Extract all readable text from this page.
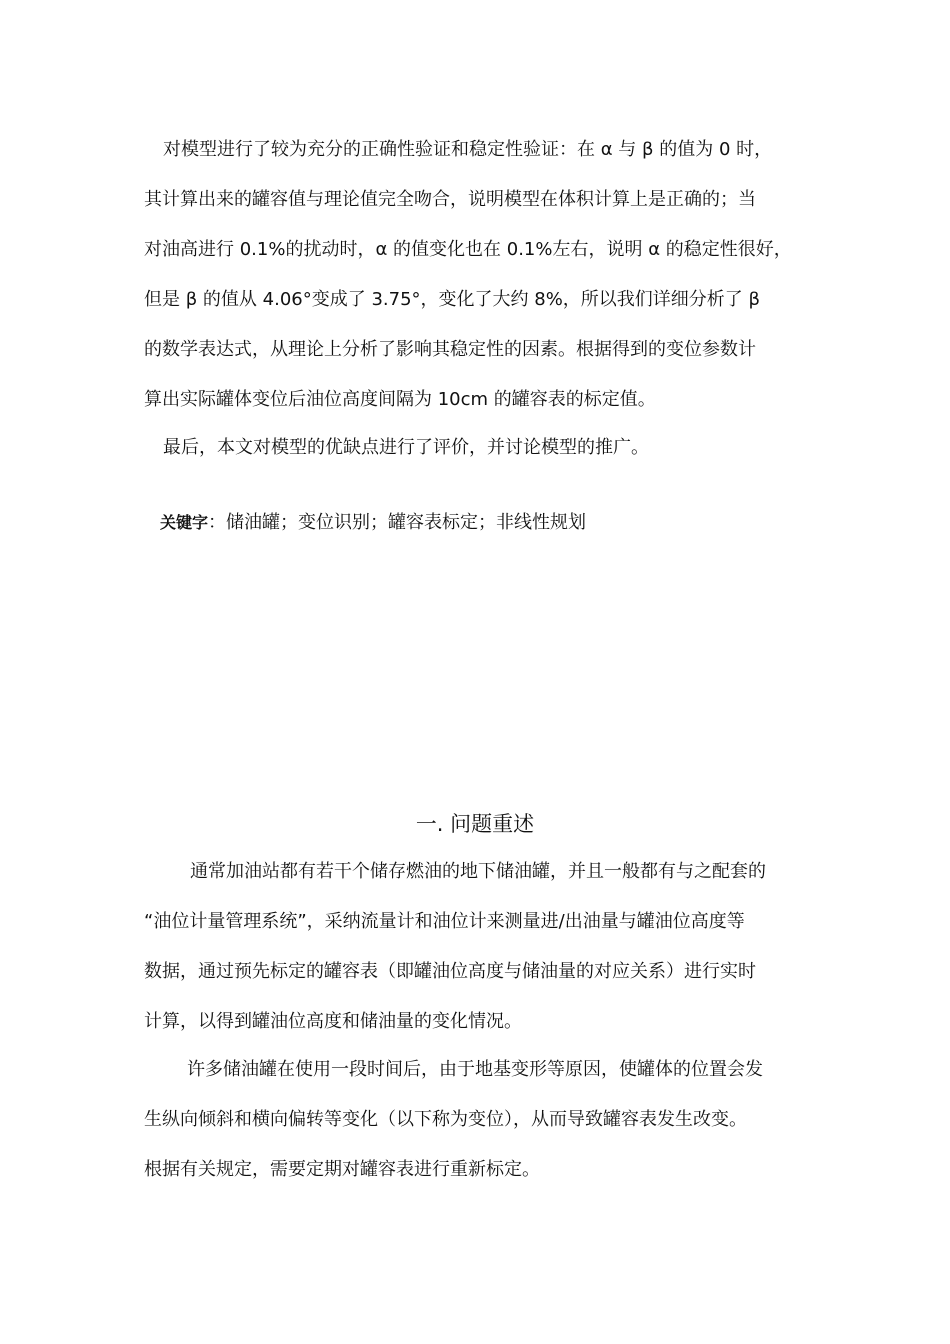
对模型进行了较为充分的正确性验证和稳定性验证：在 α 与 β 的值为 0 时，

其计算出来的罐容值与理论值完全吻合，说明模型在体积计算上是正确的；当

对油高进行 0.1%的扰动时，α 的值变化也在 0.1%左右，说明 α 的稳定性很好，

但是 β 的值从 4.06°变成了 3.75°，变化了大约 8%，所以我们详细分析了 β

的数学表达式，从理论上分析了影响其稳定性的因素。根据得到的变位参数计

算出实际罐体变位后油位高度间隔为 10cm 的罐容表的标定值。

最后，本文对模型的优缺点进行了评价，并讨论模型的推广。

关键字：储油罐；变位识别；罐容表标定；非线性规划
一. 问题重述

通常加油站都有若干个储存燃油的地下储油罐，并且一般都有与之配套的

“油位计量管理系统”，采纳流量计和油位计来测量进/出油量与罐油位高度等

数据，通过预先标定的罐容表（即罐油位高度与储油量的对应关系）进行实时

计算，以得到罐油位高度和储油量的变化情况。

许多储油罐在使用一段时间后，由于地基变形等原因，使罐体的位置会发

生纵向倾斜和横向偏转等变化（以下称为变位），从而导致罐容表发生改变。

根据有关规定，需要定期对罐容表进行重新标定。
